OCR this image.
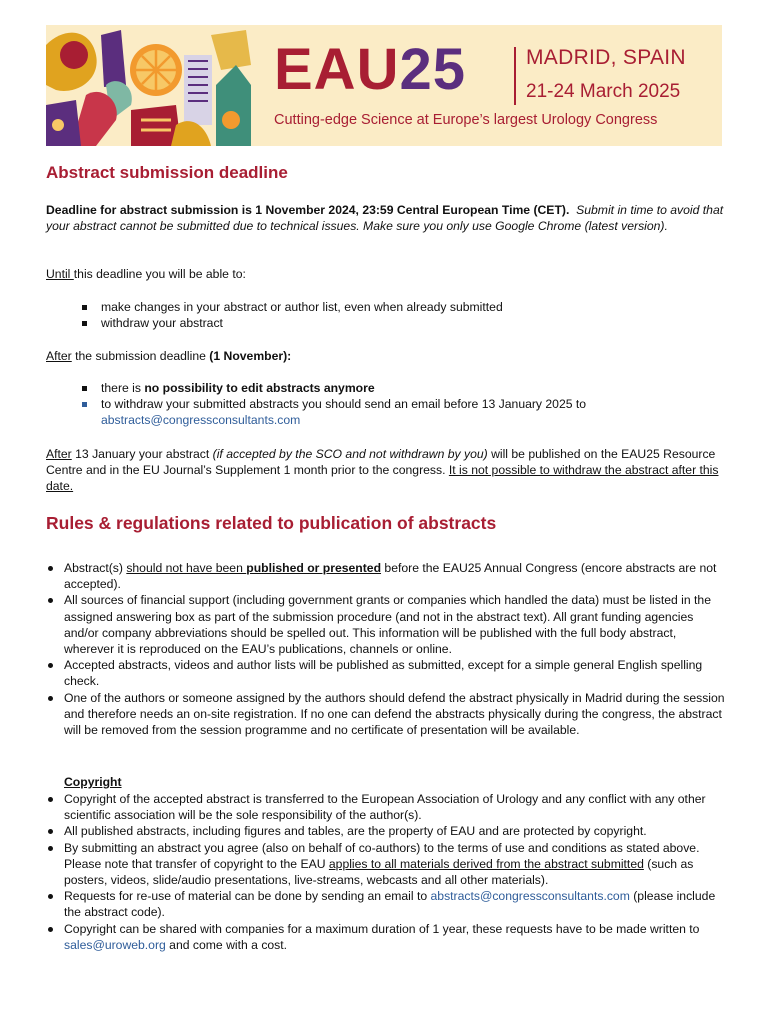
EAU25	MADRID, SPAIN
21-24 March 2025
Cutting-edge Science at Europe’s largest Urology Congress
Abstract submission deadline

Deadline for abstract submission is 1 November 2024, 23:59 Central European Time (CET). Submit in time to avoid that your abstract cannot be submitted due to technical issues. Make sure you only use Google Chrome (latest version).

Until this deadline you will be able to:

make changes in your abstract or author list, even when already submitted
withdraw your abstract

After the submission deadline (1 November):

there is no possibility to edit abstracts anymore
to withdraw your submitted abstracts you should send an email before 13 January 2025 to
abstracts@congressconsultants.com

After 13 January your abstract (if accepted by the SCO and not withdrawn by you) will be published on the EAU25 Resource Centre and in the EU Journal’s Supplement 1 month prior to the congress. It is not possible to withdraw the abstract after this date.

Rules & regulations related to publication of abstracts
Abstract(s) should not have been published or presented before the EAU25 Annual Congress (encore abstracts are not accepted).
All sources of financial support (including government grants or companies which handled the data) must be listed in the assigned answering box as part of the submission procedure (and not in the abstract text). All grant funding agencies and/or company abbreviations should be spelled out. This information will be published with the full body abstract, wherever it is reproduced on the EAU’s publications, channels or online.
Accepted abstracts, videos and author lists will be published as submitted, except for a simple general English spelling check.
One of the authors or someone assigned by the authors should defend the abstract physically in Madrid during the session and therefore needs an on-site registration. If no one can defend the abstracts physically during the congress, the abstract will be removed from the session programme and no certificate of presentation will be available.
Copyright
Copyright of the accepted abstract is transferred to the European Association of Urology and any conflict with any other scientific association will be the sole responsibility of the author(s).
All published abstracts, including figures and tables, are the property of EAU and are protected by copyright.
By submitting an abstract you agree (also on behalf of co-authors) to the terms of use and conditions as stated above. Please note that transfer of copyright to the EAU applies to all materials derived from the abstract submitted (such as posters, videos, slide/audio presentations, live-streams, webcasts and all other materials).
Requests for re-use of material can be done by sending an email to abstracts@congressconsultants.com (please include the abstract code).
Copyright can be shared with companies for a maximum duration of 1 year, these requests have to be made written to sales@uroweb.org and come with a cost.
